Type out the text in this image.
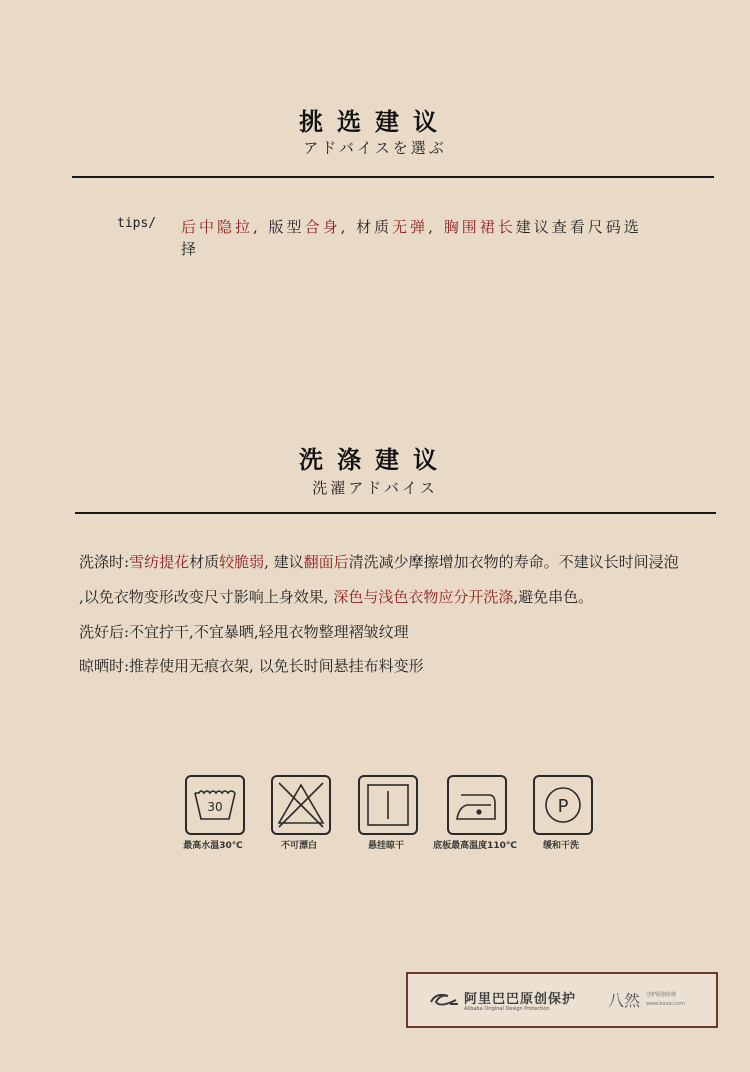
挑选建议
アドバイスを選ぶ
tips/ 后中隐拉, 版型合身, 材质无弹, 胸围裙长建议查看尺码选择
洗涤建议
洗濯アドバイス
洗涤时:雪纺提花材质较脆弱, 建议翻面后清洗减少摩擦增加衣物的寿命。不建议长时间浸泡
,以免衣物变形改变尺寸影响上身效果, 深色与浅色衣物应分开洗涤,避免串色。
洗好后:不宜拧干,不宜暴晒,轻甩衣物整理褶皱纹理
晾晒时:推荐使用无痕衣架, 以免长时间悬挂布料变形
30	P
最高水温30℃	不可漂白	悬挂晾干	底板最高温度110℃	缓和干洗
阿里巴巴原创保护
Alibaba Original Design Protection	八然 守护原创价值
www.bazai.com
